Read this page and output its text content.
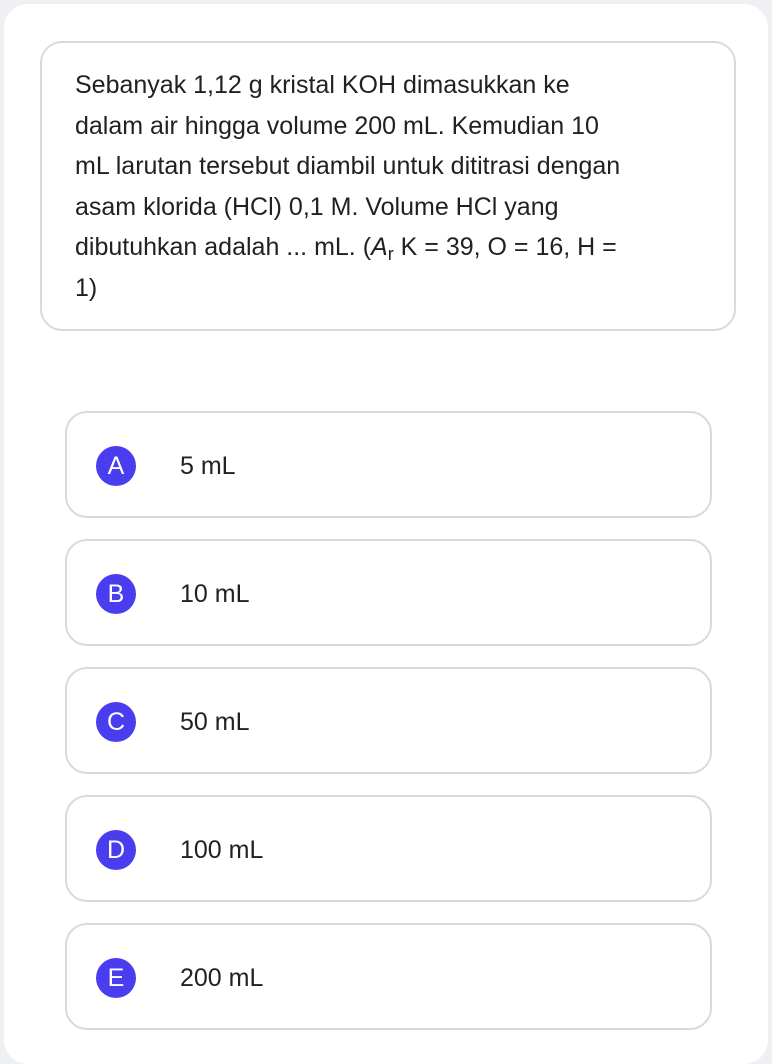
Sebanyak 1,12 g kristal KOH dimasukkan ke
dalam air hingga volume 200 mL. Kemudian 10
mL larutan tersebut diambil untuk dititrasi dengan
asam klorida (HCl) 0,1 M. Volume HCl yang
dibutuhkan adalah ... mL. ($A_r$ K = 39, O = 16, H =
1)

A	5 mL
B	10 mL
C	50 mL
D	100 mL
E	200 mL
